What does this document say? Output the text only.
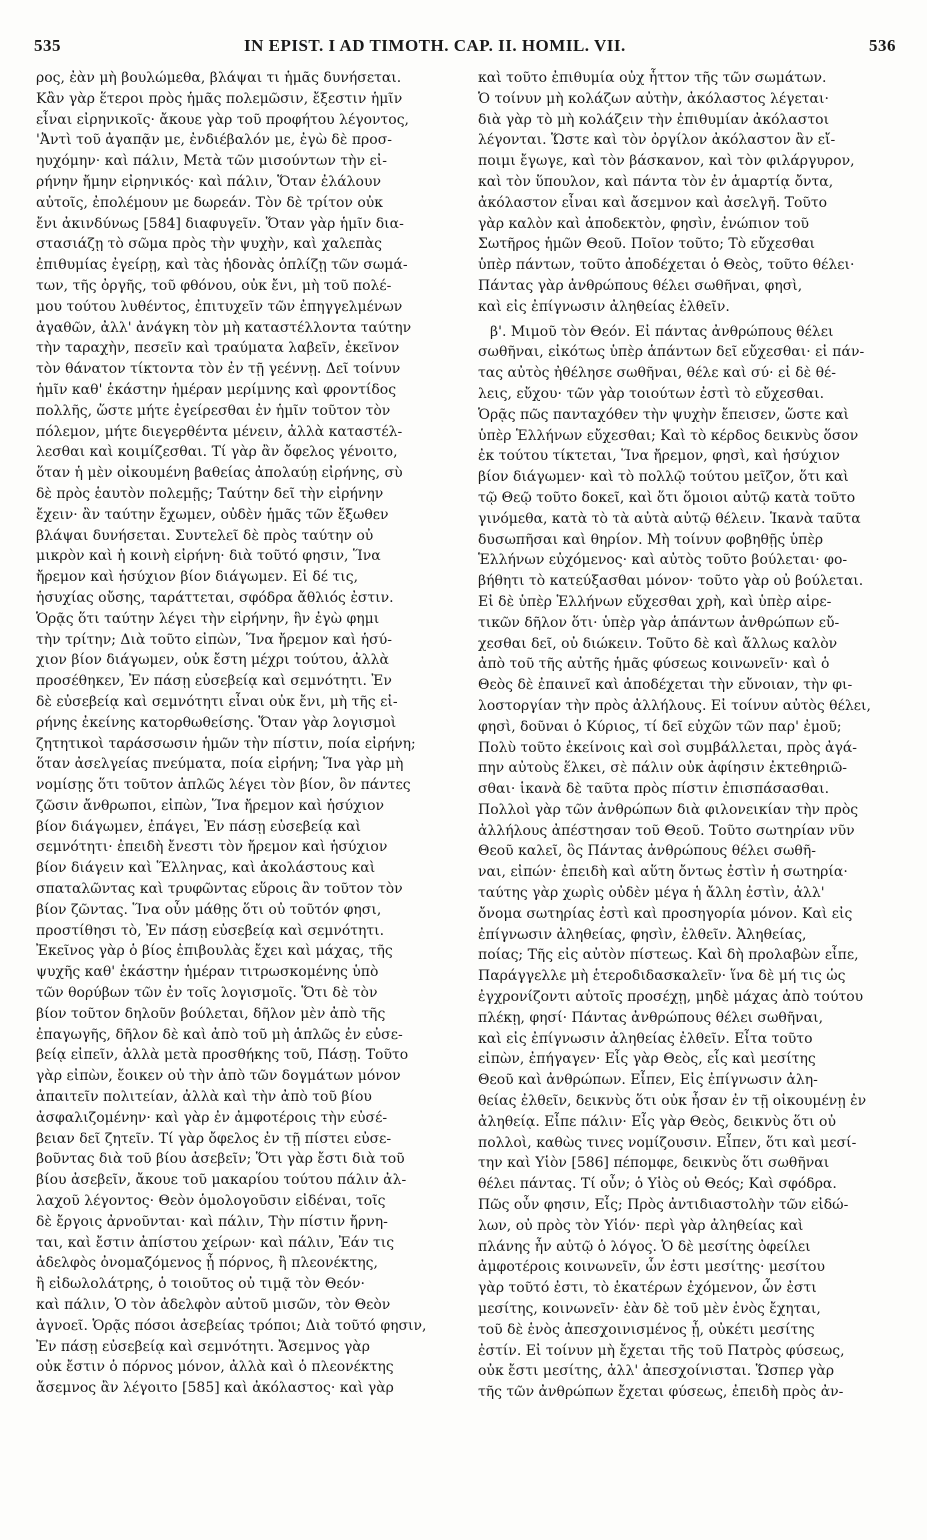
535	IN EPIST. I AD TIMOTH. CAP. II. HOMIL. VII.	536
ρος, ἐὰν μὴ βουλώμεθα, βλάψαι τι ἡμᾶς δυνήσεται.
Κἂν γὰρ ἕτεροι πρὸς ἡμᾶς πολεμῶσιν, ἔξεστιν ἡμῖν
εἶναι εἰρηνικοῖς· ἄκουε γὰρ τοῦ προφήτου λέγοντος,
'Ἀντὶ τοῦ ἀγαπᾷν με, ἐνδιέβαλόν με, ἐγὼ δὲ προσ-
ηυχόμην· καὶ πάλιν, Μετὰ τῶν μισούντων τὴν εἰ-
ρήνην ἤμην εἰρηνικός· καὶ πάλιν, Ὅταν ἐλάλουν
αὐτοῖς, ἐπολέμουν με δωρεάν. Τὸν δὲ τρίτον οὐκ
ἔνι ἀκινδύνως [584] διαφυγεῖν. Ὅταν γὰρ ἡμῖν δια-
στασιάζῃ τὸ σῶμα πρὸς τὴν ψυχὴν, καὶ χαλεπὰς
ἐπιθυμίας ἐγείρῃ, καὶ τὰς ἡδονὰς ὁπλίζῃ τῶν σωμά-
των, τῆς ὀργῆς, τοῦ φθόνου, οὐκ ἔνι, μὴ τοῦ πολέ-
μου τούτου λυθέντος, ἐπιτυχεῖν τῶν ἐπηγγελμένων
ἀγαθῶν, ἀλλ' ἀνάγκη τὸν μὴ καταστέλλοντα ταύτην
τὴν ταραχὴν, πεσεῖν καὶ τραύματα λαβεῖν, ἐκεῖνον
τὸν θάνατον τίκτοντα τὸν ἐν τῇ γεέννῃ. Δεῖ τοίνυν
ἡμῖν καθ' ἑκάστην ἡμέραν μερίμνης καὶ φροντίδος
πολλῆς, ὥστε μήτε ἐγείρεσθαι ἐν ἡμῖν τοῦτον τὸν
πόλεμον, μήτε διεγερθέντα μένειν, ἀλλὰ καταστέλ-
λεσθαι καὶ κοιμίζεσθαι. Τί γὰρ ἂν ὄφελος γένοιτο,
ὅταν ἡ μὲν οἰκουμένη βαθείας ἀπολαύῃ εἰρήνης, σὺ
δὲ πρὸς ἑαυτὸν πολεμῇς; Ταύτην δεῖ τὴν εἰρήνην
ἔχειν· ἂν ταύτην ἔχωμεν, οὐδὲν ἡμᾶς τῶν ἔξωθεν
βλάψαι δυνήσεται. Συντελεῖ δὲ πρὸς ταύτην οὐ
μικρὸν καὶ ἡ κοινὴ εἰρήνη· διὰ τοῦτό φησιν, Ἵνα
ἤρεμον καὶ ἡσύχιον βίον διάγωμεν. Εἰ δέ τις,
ἡσυχίας οὔσης, ταράττεται, σφόδρα ἄθλιός ἐστιν.
Ὁρᾷς ὅτι ταύτην λέγει τὴν εἰρήνην, ἣν ἐγὼ φημι
τὴν τρίτην; Διὰ τοῦτο εἰπὼν, Ἵνα ἤρεμον καὶ ἡσύ-
χιον βίον διάγωμεν, οὐκ ἔστη μέχρι τούτου, ἀλλὰ
προσέθηκεν, Ἐν πάσῃ εὐσεβείᾳ καὶ σεμνότητι. Ἐν
δὲ εὐσεβείᾳ καὶ σεμνότητι εἶναι οὐκ ἔνι, μὴ τῆς εἰ-
ρήνης ἐκείνης κατορθωθείσης. Ὅταν γὰρ λογισμοὶ
ζητητικοὶ ταράσσωσιν ἡμῶν τὴν πίστιν, ποία εἰρήνη;
ὅταν ἀσελγείας πνεύματα, ποία εἰρήνη; Ἵνα γὰρ μὴ
νομίσῃς ὅτι τοῦτον ἁπλῶς λέγει τὸν βίον, ὃν πάντες
ζῶσιν ἄνθρωποι, εἰπὼν, Ἵνα ἤρεμον καὶ ἡσύχιον
βίον διάγωμεν, ἐπάγει, Ἐν πάσῃ εὐσεβείᾳ καὶ
σεμνότητι· ἐπειδὴ ἔνεστι τὸν ἤρεμον καὶ ἡσύχιον
βίον διάγειν καὶ Ἕλληνας, καὶ ἀκολάστους καὶ
σπαταλῶντας καὶ τρυφῶντας εὕροις ἂν τοῦτον τὸν
βίον ζῶντας. Ἵνα οὖν μάθῃς ὅτι οὐ τοῦτόν φησι,
προστίθησι τὸ, Ἐν πάσῃ εὐσεβείᾳ καὶ σεμνότητι.
Ἐκεῖνος γὰρ ὁ βίος ἐπιβουλὰς ἔχει καὶ μάχας, τῆς
ψυχῆς καθ' ἑκάστην ἡμέραν τιτρωσκομένης ὑπὸ
τῶν θορύβων τῶν ἐν τοῖς λογισμοῖς. Ὅτι δὲ τὸν
βίον τοῦτον δηλοῦν βούλεται, δῆλον μὲν ἀπὸ τῆς
ἐπαγωγῆς, δῆλον δὲ καὶ ἀπὸ τοῦ μὴ ἁπλῶς ἐν εὐσε-
βείᾳ εἰπεῖν, ἀλλὰ μετὰ προσθήκης τοῦ, Πάσῃ. Τοῦτο
γὰρ εἰπὼν, ἔοικεν οὐ τὴν ἀπὸ τῶν δογμάτων μόνον
ἀπαιτεῖν πολιτείαν, ἀλλὰ καὶ τὴν ἀπὸ τοῦ βίου
ἀσφαλιζομένην· καὶ γὰρ ἐν ἀμφοτέροις τὴν εὐσέ-
βειαν δεῖ ζητεῖν. Τί γὰρ ὄφελος ἐν τῇ πίστει εὐσε-
βοῦντας διὰ τοῦ βίου ἀσεβεῖν; Ὅτι γὰρ ἔστι διὰ τοῦ
βίου ἀσεβεῖν, ἄκουε τοῦ μακαρίου τούτου πάλιν ἀλ-
λαχοῦ λέγοντος· Θεὸν ὁμολογοῦσιν εἰδέναι, τοῖς
δὲ ἔργοις ἀρνοῦνται· καὶ πάλιν, Τὴν πίστιν ἤρνη-
ται, καὶ ἔστιν ἀπίστου χείρων· καὶ πάλιν, Ἐάν τις
ἀδελφὸς ὀνομαζόμενος ᾖ πόρνος, ἢ πλεονέκτης,
ἢ εἰδωλολάτρης, ὁ τοιοῦτος οὐ τιμᾷ τὸν Θεόν·
καὶ πάλιν, Ὁ τὸν ἀδελφὸν αὐτοῦ μισῶν, τὸν Θεὸν
ἀγνοεῖ. Ὁρᾷς πόσοι ἀσεβείας τρόποι; Διὰ τοῦτό φησιν,
Ἐν πάσῃ εὐσεβείᾳ καὶ σεμνότητι. Ἄσεμνος γὰρ
οὐκ ἔστιν ὁ πόρνος μόνον, ἀλλὰ καὶ ὁ πλεονέκτης
ἄσεμνος ἂν λέγοιτο [585] καὶ ἀκόλαστος· καὶ γὰρ
καὶ τοῦτο ἐπιθυμία οὐχ ἧττον τῆς τῶν σωμάτων.
Ὁ τοίνυν μὴ κολάζων αὐτὴν, ἀκόλαστος λέγεται·
διὰ γὰρ τὸ μὴ κολάζειν τὴν ἐπιθυμίαν ἀκόλαστοι
λέγονται. Ὥστε καὶ τὸν ὀργίλον ἀκόλαστον ἂν εἴ-
ποιμι ἔγωγε, καὶ τὸν βάσκανον, καὶ τὸν φιλάργυρον,
καὶ τὸν ὕπουλον, καὶ πάντα τὸν ἐν ἁμαρτίᾳ ὄντα,
ἀκόλαστον εἶναι καὶ ἄσεμνον καὶ ἀσελγῆ. Τοῦτο
γὰρ καλὸν καὶ ἀποδεκτὸν, φησὶν, ἐνώπιον τοῦ
Σωτῆρος ἡμῶν Θεοῦ. Ποῖον τοῦτο; Τὸ εὔχεσθαι
ὑπὲρ πάντων, τοῦτο ἀποδέχεται ὁ Θεὸς, τοῦτο θέλει·
Πάντας γὰρ ἀνθρώπους θέλει σωθῆναι, φησὶ,
καὶ εἰς ἐπίγνωσιν ἀληθείας ἐλθεῖν.
β'. Μιμοῦ τὸν Θεόν. Εἰ πάντας ἀνθρώπους θέλει
σωθῆναι, εἰκότως ὑπὲρ ἁπάντων δεῖ εὔχεσθαι· εἰ πάν-
τας αὐτὸς ἠθέλησε σωθῆναι, θέλε καὶ σύ· εἰ δὲ θέ-
λεις, εὔχου· τῶν γὰρ τοιούτων ἐστὶ τὸ εὔχεσθαι.
Ὁρᾷς πῶς πανταχόθεν τὴν ψυχὴν ἔπεισεν, ὥστε καὶ
ὑπὲρ Ἑλλήνων εὔχεσθαι; Καὶ τὸ κέρδος δεικνὺς ὅσον
ἐκ τούτου τίκτεται, Ἵνα ἤρεμον, φησὶ, καὶ ἡσύχιον
βίον διάγωμεν· καὶ τὸ πολλῷ τούτου μεῖζον, ὅτι καὶ
τῷ Θεῷ τοῦτο δοκεῖ, καὶ ὅτι ὅμοιοι αὐτῷ κατὰ τοῦτο
γινόμεθα, κατὰ τὸ τὰ αὐτὰ αὐτῷ θέλειν. Ἱκανὰ ταῦτα
δυσωπῆσαι καὶ θηρίον. Μὴ τοίνυν φοβηθῇς ὑπὲρ
Ἑλλήνων εὐχόμενος· καὶ αὐτὸς τοῦτο βούλεται· φο-
βήθητι τὸ κατεύξασθαι μόνον· τοῦτο γὰρ οὐ βούλεται.
Εἰ δὲ ὑπὲρ Ἑλλήνων εὔχεσθαι χρὴ, καὶ ὑπὲρ αἱρε-
τικῶν δῆλον ὅτι· ὑπὲρ γὰρ ἁπάντων ἀνθρώπων εὔ-
χεσθαι δεῖ, οὐ διώκειν. Τοῦτο δὲ καὶ ἄλλως καλὸν
ἀπὸ τοῦ τῆς αὐτῆς ἡμᾶς φύσεως κοινωνεῖν· καὶ ὁ
Θεὸς δὲ ἐπαινεῖ καὶ ἀποδέχεται τὴν εὔνοιαν, τὴν φι-
λοστοργίαν τὴν πρὸς ἀλλήλους. Εἰ τοίνυν αὐτὸς θέλει,
φησὶ, δοῦναι ὁ Κύριος, τί δεῖ εὐχῶν τῶν παρ' ἐμοῦ;
Πολὺ τοῦτο ἐκείνοις καὶ σοὶ συμβάλλεται, πρὸς ἀγά-
πην αὐτοὺς ἕλκει, σὲ πάλιν οὐκ ἀφίησιν ἐκτεθηριῶ-
σθαι· ἱκανὰ δὲ ταῦτα πρὸς πίστιν ἐπισπάσασθαι.
Πολλοὶ γὰρ τῶν ἀνθρώπων διὰ φιλονεικίαν τὴν πρὸς
ἀλλήλους ἀπέστησαν τοῦ Θεοῦ. Τοῦτο σωτηρίαν νῦν
Θεοῦ καλεῖ, ὃς Πάντας ἀνθρώπους θέλει σωθῆ-
ναι, εἰπών· ἐπειδὴ καὶ αὕτη ὄντως ἐστὶν ἡ σωτηρία·
ταύτης γὰρ χωρὶς οὐδὲν μέγα ἡ ἄλλη ἐστὶν, ἀλλ'
ὄνομα σωτηρίας ἐστὶ καὶ προσηγορία μόνον. Καὶ εἰς
ἐπίγνωσιν ἀληθείας, φησὶν, ἐλθεῖν. Ἀληθείας,
ποίας; Τῆς εἰς αὐτὸν πίστεως. Καὶ δὴ προλαβὼν εἶπε,
Παράγγελλε μὴ ἑτεροδιδασκαλεῖν· ἵνα δὲ μή τις ὡς
ἐγχρονίζοντι αὐτοῖς προσέχῃ, μηδὲ μάχας ἀπὸ τούτου
πλέκῃ, φησί· Πάντας ἀνθρώπους θέλει σωθῆναι,
καὶ εἰς ἐπίγνωσιν ἀληθείας ἐλθεῖν. Εἶτα τοῦτο
εἰπὼν, ἐπήγαγεν· Εἷς γὰρ Θεὸς, εἷς καὶ μεσίτης
Θεοῦ καὶ ἀνθρώπων. Εἶπεν, Εἰς ἐπίγνωσιν ἀλη-
θείας ἐλθεῖν, δεικνὺς ὅτι οὐκ ἦσαν ἐν τῇ οἰκουμένῃ ἐν
ἀληθείᾳ. Εἶπε πάλιν· Εἷς γὰρ Θεὸς, δεικνὺς ὅτι οὐ
πολλοὶ, καθὼς τινες νομίζουσιν. Εἶπεν, ὅτι καὶ μεσί-
την καὶ Υἱὸν [586] πέπομφε, δεικνὺς ὅτι σωθῆναι
θέλει πάντας. Τί οὖν; ὁ Υἱὸς οὐ Θεός; Καὶ σφόδρα.
Πῶς οὖν φησιν, Εἷς; Πρὸς ἀντιδιαστολὴν τῶν εἰδώ-
λων, οὐ πρὸς τὸν Υἱόν· περὶ γὰρ ἀληθείας καὶ
πλάνης ἦν αὐτῷ ὁ λόγος. Ὁ δὲ μεσίτης ὀφείλει
ἀμφοτέροις κοινωνεῖν, ὧν ἐστι μεσίτης· μεσίτου
γὰρ τοῦτό ἐστι, τὸ ἑκατέρων ἐχόμενον, ὧν ἐστι
μεσίτης, κοινωνεῖν· ἐὰν δὲ τοῦ μὲν ἑνὸς ἔχηται,
τοῦ δὲ ἑνὸς ἀπεσχοινισμένος ᾖ, οὐκέτι μεσίτης
ἐστίν. Εἰ τοίνυν μὴ ἔχεται τῆς τοῦ Πατρὸς φύσεως,
οὐκ ἔστι μεσίτης, ἀλλ' ἀπεσχοίνισται. Ὥσπερ γὰρ
τῆς τῶν ἀνθρώπων ἔχεται φύσεως, ἐπειδὴ πρὸς ἀν-
